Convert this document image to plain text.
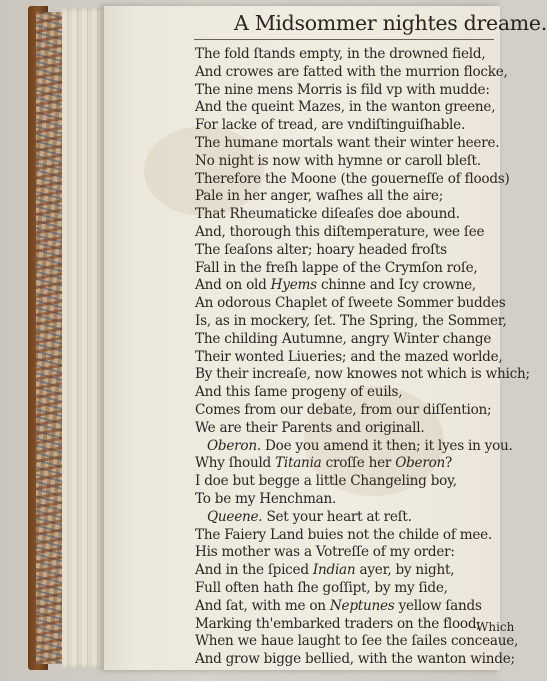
A Midsommer nightes dreame.
The fold ſtands empty, in the drowned field,
And crowes are fatted with the murrion flocke,
The nine mens Morris is fild vp with mudde:
And the queint Mazes, in the wanton greene,
For lacke of tread, are vndiſtinguiſhable.
The humane mortals want their winter heere.
No night is now with hymne or caroll bleſt.
Therefore the Moone (the gouerneſſe of floods)
Pale in her anger, waſhes all the aire;
That Rheumaticke diſeaſes doe abound.
And, thorough this diſtemperature, wee ſee
The ſeaſons alter; hoary headed froſts
Fall in the freſh lappe of the Crymſon roſe,
And on old Hyems chinne and Icy crowne,
An odorous Chaplet of ſweete Sommer buddes
Is, as in mockery, ſet. The Spring, the Sommer,
The childing Autumne, angry Winter change
Their wonted Liueries; and the mazed worlde,
By their increaſe, now knowes not which is which;
And this ſame progeny of euils,
Comes from our debate, from our diſſention;
We are their Parents and originall.
Oberon. Doe you amend it then; it lyes in you.
Why ſhould Titania croſſe her Oberon?
I doe but begge a little Changeling boy,
To be my Henchman.
Queene. Set your heart at reſt.
The Faiery Land buies not the childe of mee.
His mother was a Votreſſe of my order:
And in the ſpiced Indian ayer, by night,
Full often hath ſhe goſſipt, by my ſide,
And ſat, with me on Neptunes yellow ſands
Marking th'embarked traders on the flood;
When we haue laught to ſee the ſailes conceaue,
And grow bigge bellied, with the wanton winde;
Which
